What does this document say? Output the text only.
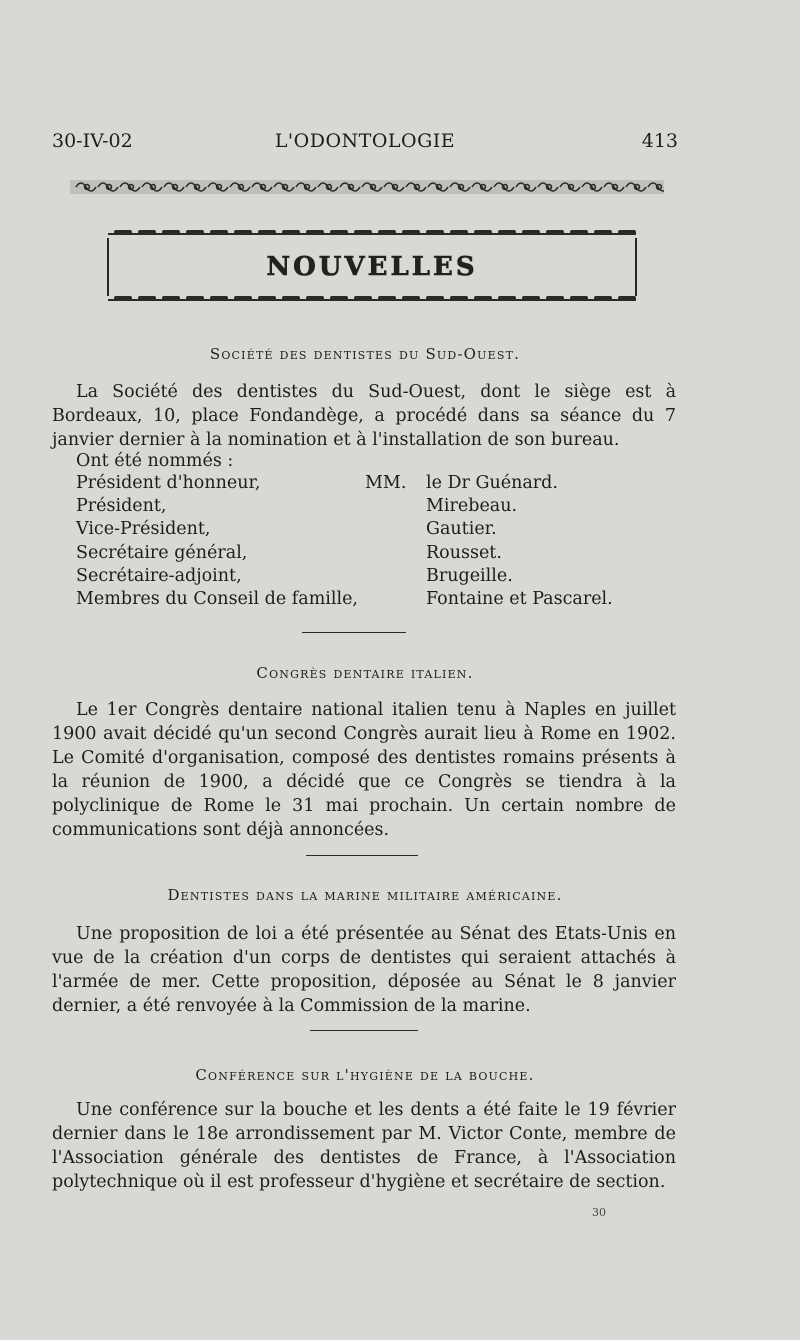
30-IV-02	L'ODONTOLOGIE	413
NOUVELLES
Société des dentistes du Sud-Ouest.

La Société des dentistes du Sud-Ouest, dont le siège est à Bordeaux, 10, place Fondandège, a procédé dans sa séance du 7 janvier dernier à la nomination et à l'installation de son bureau.

Ont été nommés :

Président d'honneur,	MM. le Dr Guénard.
Président,	Mirebeau.
Vice-Président,	Gautier.
Secrétaire général,	Rousset.
Secrétaire-adjoint,	Brugeille.
Membres du Conseil de famille,	Fontaine et Pascarel.
Congrès dentaire italien.

Le 1er Congrès dentaire national italien tenu à Naples en juillet 1900 avait décidé qu'un second Congrès aurait lieu à Rome en 1902. Le Comité d'organisation, composé des dentistes romains présents à la réunion de 1900, a décidé que ce Congrès se tiendra à la polyclinique de Rome le 31 mai prochain. Un certain nombre de communications sont déjà annoncées.

Dentistes dans la marine militaire américaine.

Une proposition de loi a été présentée au Sénat des Etats-Unis en vue de la création d'un corps de dentistes qui seraient attachés à l'armée de mer. Cette proposition, déposée au Sénat le 8 janvier dernier, a été renvoyée à la Commission de la marine.

Conférence sur l'hygiène de la bouche.

Une conférence sur la bouche et les dents a été faite le 19 février dernier dans le 18e arrondissement par M. Victor Conte, membre de l'Association générale des dentistes de France, à l'Association polytechnique où il est professeur d'hygiène et secrétaire de section.

30
